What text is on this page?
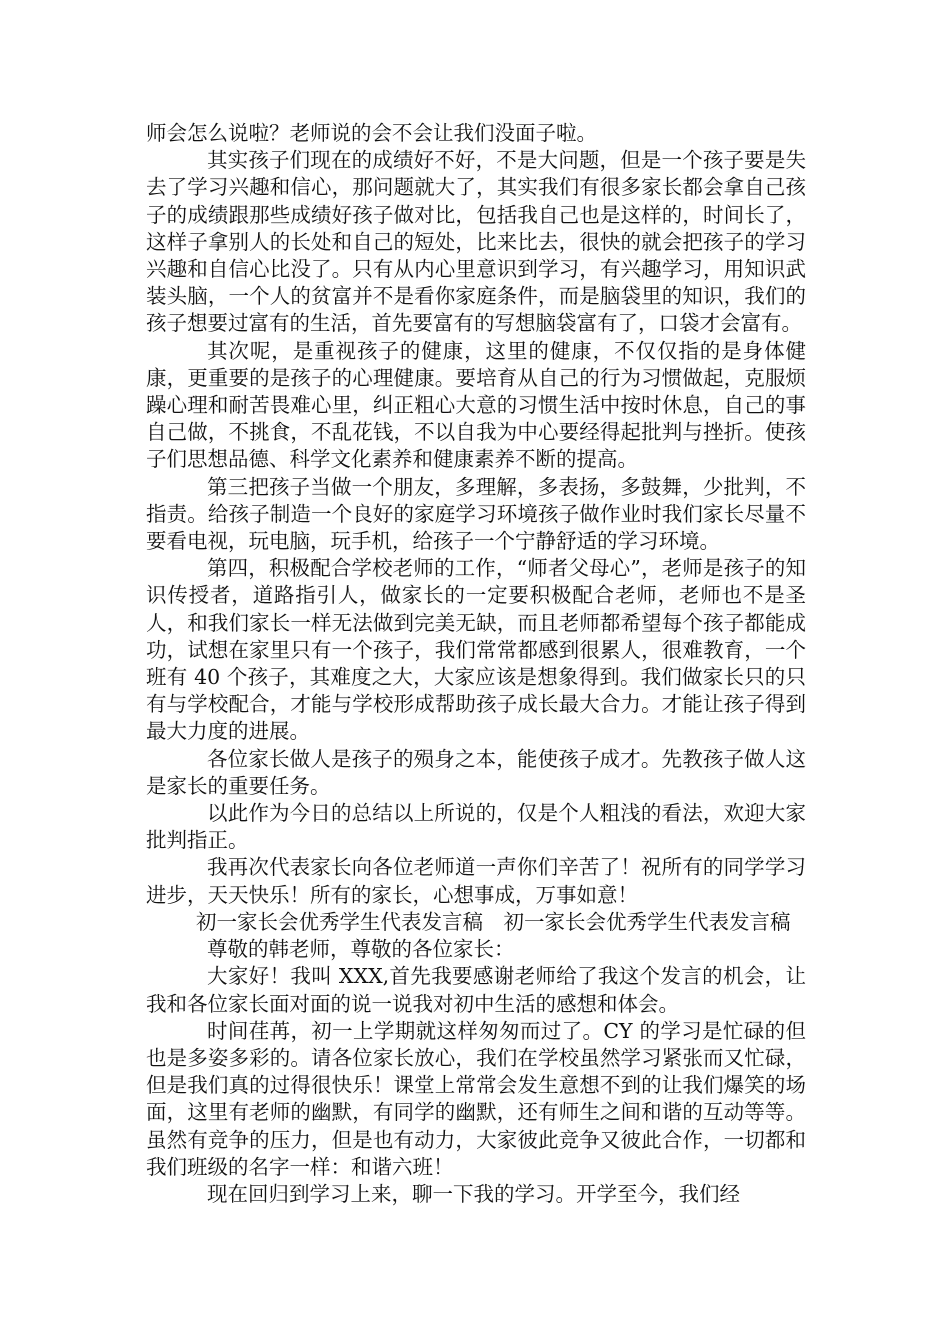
师会怎么说啦？老师说的会不会让我们没面子啦。

其实孩子们现在的成绩好不好，不是大问题，但是一个孩子要是失去了学习兴趣和信心，那问题就大了，其实我们有很多家长都会拿自己孩子的成绩跟那些成绩好孩子做对比，包括我自己也是这样的，时间长了，这样子拿别人的长处和自己的短处，比来比去，很快的就会把孩子的学习兴趣和自信心比没了。只有从内心里意识到学习，有兴趣学习，用知识武装头脑，一个人的贫富并不是看你家庭条件，而是脑袋里的知识，我们的孩子想要过富有的生活，首先要富有的写想脑袋富有了，口袋才会富有。

其次呢，是重视孩子的健康，这里的健康，不仅仅指的是身体健康，更重要的是孩子的心理健康。要培育从自己的行为习惯做起，克服烦躁心理和耐苦畏难心里，纠正粗心大意的习惯生活中按时休息，自己的事自己做，不挑食，不乱花钱，不以自我为中心要经得起批判与挫折。使孩子们思想品德、科学文化素养和健康素养不断的提高。

第三把孩子当做一个朋友，多理解，多表扬，多鼓舞，少批判，不指责。给孩子制造一个良好的家庭学习环境孩子做作业时我们家长尽量不要看电视，玩电脑，玩手机，给孩子一个宁静舒适的学习环境。

第四，积极配合学校老师的工作，“师者父母心”，老师是孩子的知识传授者，道路指引人，做家长的一定要积极配合老师，老师也不是圣人，和我们家长一样无法做到完美无缺，而且老师都希望每个孩子都能成功，试想在家里只有一个孩子，我们常常都感到很累人，很难教育，一个班有 40 个孩子，其难度之大，大家应该是想象得到。我们做家长只的只有与学校配合，才能与学校形成帮助孩子成长最大合力。才能让孩子得到最大力度的进展。

各位家长做人是孩子的殒身之本，能使孩子成才。先教孩子做人这是家长的重要任务。

以此作为今日的总结以上所说的，仅是个人粗浅的看法，欢迎大家批判指正。

我再次代表家长向各位老师道一声你们辛苦了！祝所有的同学学习进步，天天快乐！所有的家长，心想事成，万事如意！

初一家长会优秀学生代表发言稿　初一家长会优秀学生代表发言稿

尊敬的韩老师，尊敬的各位家长：

大家好！我叫 XXX,首先我要感谢老师给了我这个发言的机会，让我和各位家长面对面的说一说我对初中生活的感想和体会。

时间荏苒，初一上学期就这样匆匆而过了。CY 的学习是忙碌的但也是多姿多彩的。请各位家长放心，我们在学校虽然学习紧张而又忙碌，但是我们真的过得很快乐！课堂上常常会发生意想不到的让我们爆笑的场面，这里有老师的幽默，有同学的幽默，还有师生之间和谐的互动等等。虽然有竞争的压力，但是也有动力，大家彼此竞争又彼此合作，一切都和我们班级的名字一样：和谐六班！

现在回归到学习上来，聊一下我的学习。开学至今，我们经
